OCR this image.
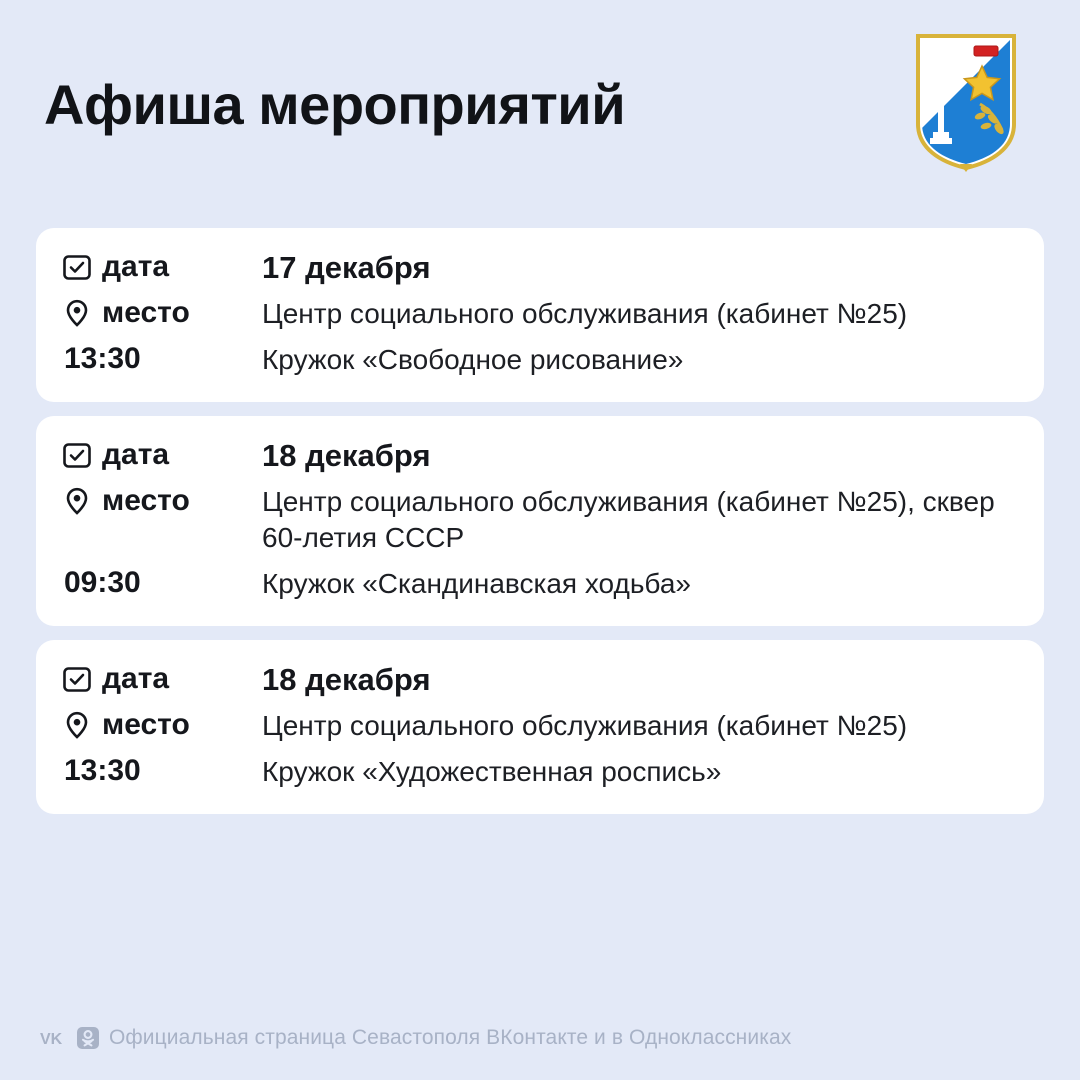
Афиша мероприятий
дата	17 декабря
место	Центр социального обслуживания (кабинет №25)
13:30	Кружок «Свободное рисование»
дата	18 декабря
место	Центр социального обслуживания (кабинет №25), сквер 60-летия СССР
09:30	Кружок «Скандинавская ходьба»
дата	18 декабря
место	Центр социального обслуживания (кабинет №25)
13:30	Кружок «Художественная роспись»
VK Официальная страница Севастополя ВКонтакте и в Одноклассниках
